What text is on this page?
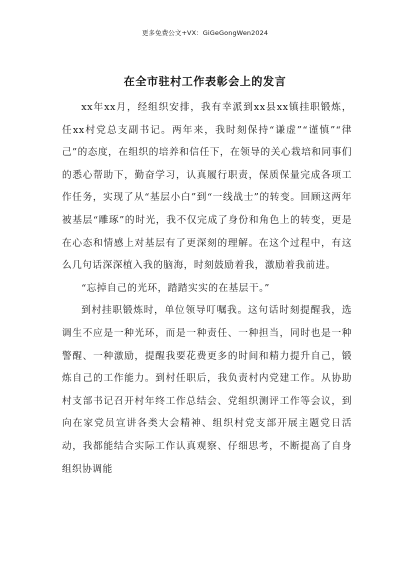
更多免费公文+VX：GiGeGongWen2024
在全市驻村工作表彰会上的发言

xx年xx月，经组织安排，我有幸派到xx县xx镇挂职锻炼，任xx村党总支副书记。两年来，我时刻保持“谦虚”“谨慎”“律己”的态度，在组织的培养和信任下，在领导的关心栽培和同事们的悉心帮助下，勤奋学习，认真履行职责，保质保量完成各项工作任务，实现了从“基层小白”到“一线战士”的转变。回顾这两年被基层“雕琢”的时光，我不仅完成了身份和角色上的转变，更是在心态和情感上对基层有了更深刻的理解。在这个过程中，有这么几句话深深植入我的脑海，时刻鼓励着我，激励着我前进。

“忘掉自己的光环，踏踏实实的在基层干。”

到村挂职锻炼时，单位领导叮嘱我。这句话时刻提醒我，选调生不应是一种光环，而是一种责任、一种担当，同时也是一种警醒、一种激励，提醒我要花费更多的时间和精力提升自己，锻炼自己的工作能力。到村任职后，我负责村内党建工作。从协助村支部书记召开村年终工作总结会、党组织测评工作等会议，到向在家党员宣讲各类大会精神、组织村党支部开展主题党日活动，我都能结合实际工作认真观察、仔细思考，不断提高了自身组织协调能
